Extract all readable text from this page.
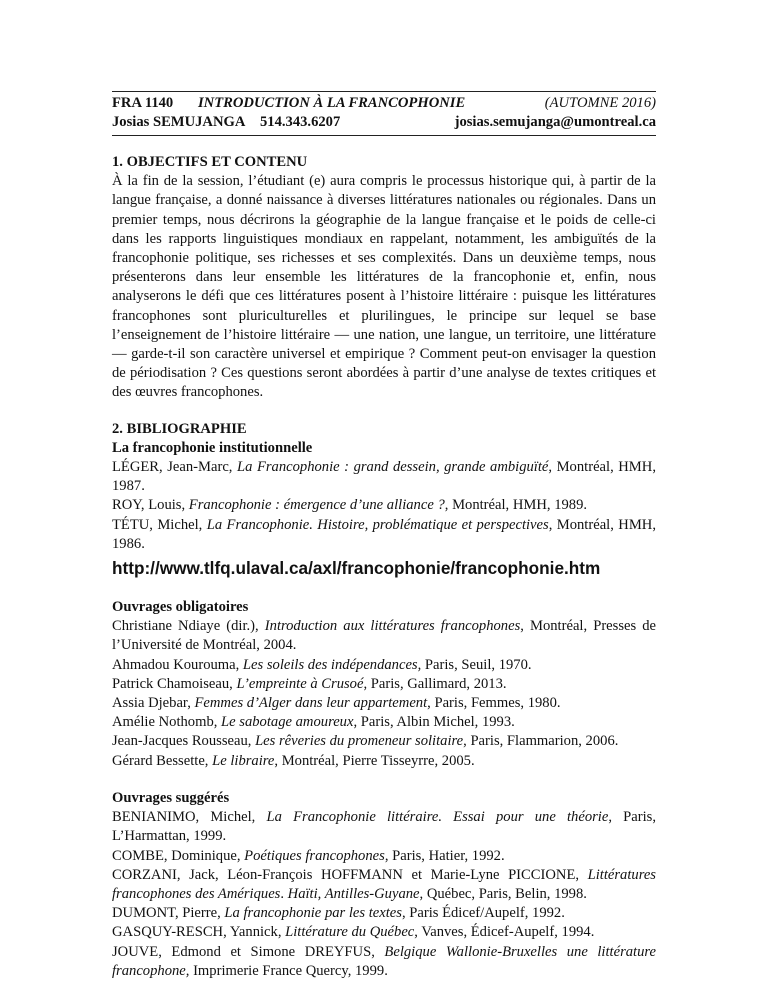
FRA 1140	INTRODUCTION À LA FRANCOPHONIE	(AUTOMNE 2016)
Josias SEMUJANGA	514.343.6207	josias.semujanga@umontreal.ca
1. OBJECTIFS ET CONTENU
À la fin de la session, l’étudiant (e) aura compris le processus historique qui, à partir de la langue française, a donné naissance à diverses littératures nationales ou régionales. Dans un premier temps, nous décrirons la géographie de la langue française et le poids de celle-ci dans les rapports linguistiques mondiaux en rappelant, notamment, les ambiguïtés de la francophonie politique, ses richesses et ses complexités. Dans un deuxième temps, nous présenterons dans leur ensemble les littératures de la francophonie et, enfin, nous analyserons le défi que ces littératures posent à l’histoire littéraire : puisque les littératures francophones sont pluriculturelles et plurilingues, le principe sur lequel se base l’enseignement de l’histoire littéraire — une nation, une langue, un territoire, une littérature — garde-t-il son caractère universel et empirique ? Comment peut-on envisager la question de périodisation ? Ces questions seront abordées à partir d’une analyse de textes critiques et des œuvres francophones.
2. BIBLIOGRAPHIE
La francophonie institutionnelle
LÉGER, Jean-Marc, La Francophonie : grand dessein, grande ambiguïté, Montréal, HMH, 1987.
ROY, Louis, Francophonie : émergence d’une alliance ?, Montréal, HMH, 1989.
TÉTU, Michel, La Francophonie. Histoire, problématique et perspectives, Montréal, HMH, 1986.
http://www.tlfq.ulaval.ca/axl/francophonie/francophonie.htm
Ouvrages obligatoires
Christiane Ndiaye (dir.), Introduction aux littératures francophones, Montréal, Presses de l’Université de Montréal, 2004.
Ahmadou Kourouma, Les soleils des indépendances, Paris, Seuil, 1970.
Patrick Chamoiseau, L’empreinte à Crusoé, Paris, Gallimard, 2013.
Assia Djebar, Femmes d’Alger dans leur appartement, Paris, Femmes, 1980.
Amélie Nothomb, Le sabotage amoureux, Paris, Albin Michel, 1993.
Jean-Jacques Rousseau, Les rêveries du promeneur solitaire, Paris, Flammarion, 2006.
Gérard Bessette, Le libraire, Montréal, Pierre Tisseyrre, 2005.
Ouvrages suggérés
BENIANIMO, Michel, La Francophonie littéraire. Essai pour une théorie, Paris, L’Harmattan, 1999.
COMBE, Dominique, Poétiques francophones, Paris, Hatier, 1992.
CORZANI, Jack, Léon-François HOFFMANN et Marie-Lyne PICCIONE, Littératures francophones des Amériques. Haïti, Antilles-Guyane, Québec, Paris, Belin, 1998.
DUMONT, Pierre, La francophonie par les textes, Paris Édicef/Aupelf, 1992.
GASQUY-RESCH, Yannick, Littérature du Québec, Vanves, Édicef-Aupelf, 1994.
JOUVE, Edmond et Simone DREYFUS, Belgique Wallonie-Bruxelles une littérature francophone, Imprimerie France Quercy, 1999.
